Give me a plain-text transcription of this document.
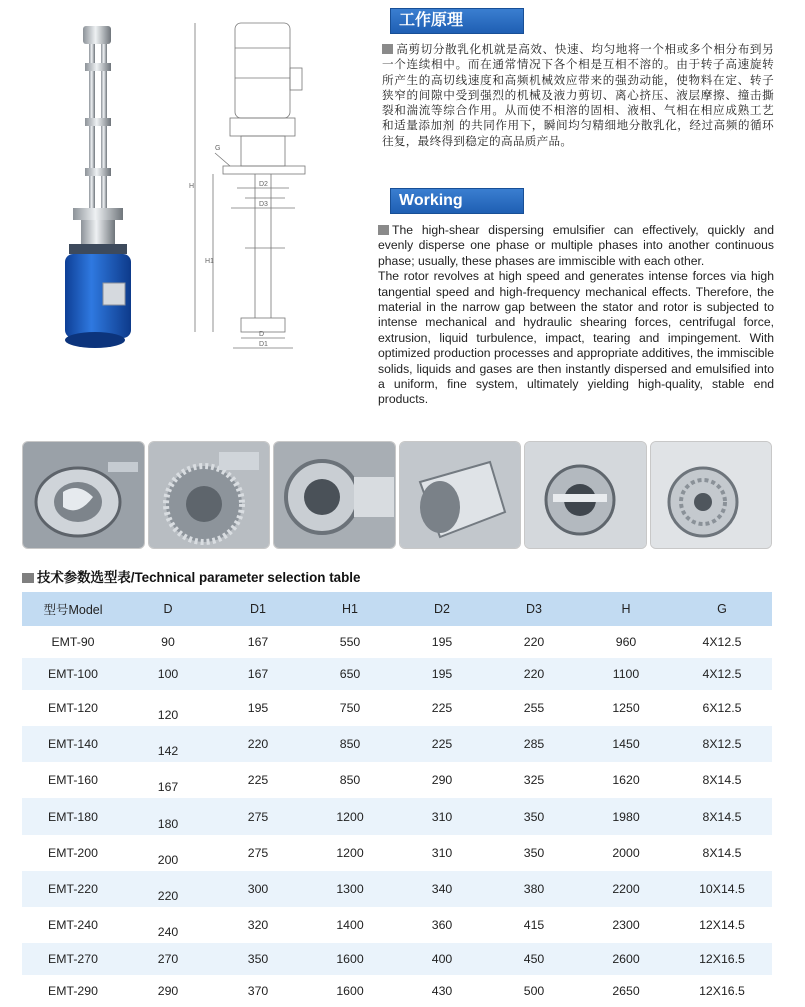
H
H1
G
D2
D3
D
D1
工作原理
高剪切分散乳化机就是高效、快速、均匀地将一个相或多个相分布到另一个连续相中。而在通常情况下各个相是互相不溶的。由于转子高速旋转所产生的高切线速度和高频机械效应带来的强劲动能，使物料在定、转子狭窄的间隙中受到强烈的机械及液力剪切、离心挤压、液层摩擦、撞击撕裂和湍流等综合作用。从而使不相溶的固相、液相、气相在相应成熟工艺和适量添加剂 的共同作用下，瞬间均匀精细地分散乳化，经过高频的循环往复，最终得到稳定的高品质产品。
Working
The high-shear dispersing emulsifier can effectively, quickly and evenly disperse one phase or multiple phases into another continuous phase; usually, these phases are immiscible with each other.
The rotor revolves at high speed and generates intense forces via high tangential speed and high-frequency mechanical effects. Therefore, the material in the narrow gap between the stator and rotor is subjected to intense mechanical and hydraulic shearing forces, centrifugal force, extrusion, liquid turbulence, impact, tearing and impingement. With optimized production processes and appropriate additives, the immiscible solids, liquids and gases are then instantly dispersed and emulsified into a uniform, fine system, ultimately yielding high-quality, stable end products.
技术参数选型表/Technical parameter selection table
型号Model	D	D1	H1	D2	D3	H	G
EMT-90	90	167	550	195	220	960	4X12.5
EMT-100	100	167	650	195	220	1100	4X12.5
EMT-120	120	195	750	225	255	1250	6X12.5
EMT-140	142	220	850	225	285	1450	8X12.5
EMT-160	167	225	850	290	325	1620	8X14.5
EMT-180	180	275	1200	310	350	1980	8X14.5
EMT-200	200	275	1200	310	350	2000	8X14.5
EMT-220	220	300	1300	340	380	2200	10X14.5
EMT-240	240	320	1400	360	415	2300	12X14.5
EMT-270	270	350	1600	400	450	2600	12X16.5
EMT-290	290	370	1600	430	500	2650	12X16.5
